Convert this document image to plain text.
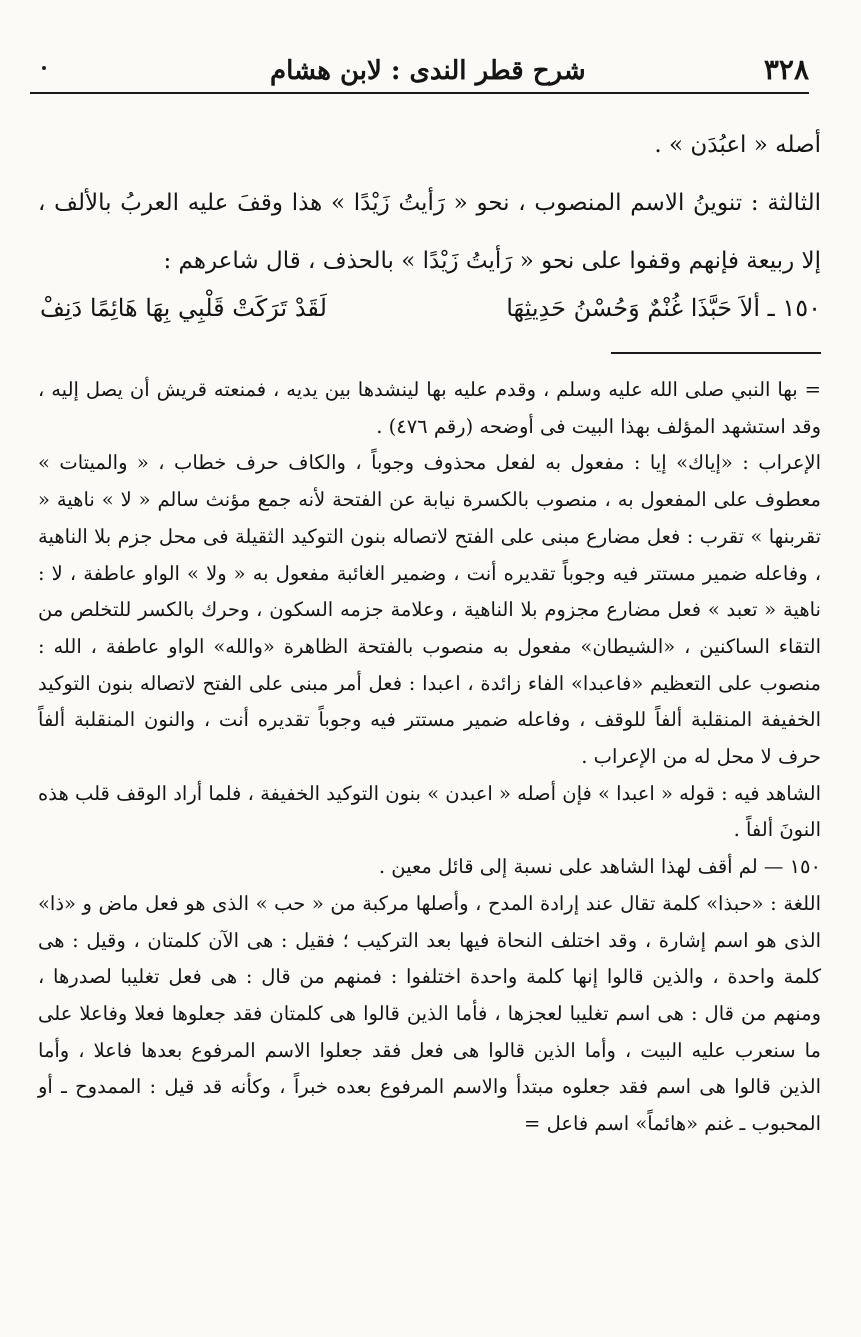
٣٢٨
شرح قطر الندى : لابن هشام

أصله « اعبُدَن » .

الثالثة : تنوينُ الاسم المنصوب ، نحو « رَأيتُ زَيْدًا » هذا وقفَ عليه العربُ بالألف ، إلا ربيعة فإنهم وقفوا على نحو « رَأيتُ زَيْدًا » بالحذف ، قال شاعرهم :

١٥٠ ـ ألاَ حَبَّذَا غُنْمٌ وَحُسْنُ حَدِيثِهَا
لَقَدْ تَرَكَتْ قَلْبِي بِهَا هَائِمًا دَنِفْ

= بها النبي صلى الله عليه وسلم ، وقدم عليه بها لينشدها بين يديه ، فمنعته قريش أن يصل إليه ، وقد استشهد المؤلف بهذا البيت فى أوضحه (رقم ٤٧٦) .

الإعراب : «إياك» إيا : مفعول به لفعل محذوف وجوباً ، والكاف حرف خطاب ، « والميتات » معطوف على المفعول به ، منصوب بالكسرة نيابة عن الفتحة لأنه جمع مؤنث سالم « لا » ناهية « تقربنها » تقرب : فعل مضارع مبنى على الفتح لاتصاله بنون التوكيد الثقيلة فى محل جزم بلا الناهية ، وفاعله ضمير مستتر فيه وجوباً تقديره أنت ، وضمير الغائبة مفعول به « ولا » الواو عاطفة ، لا : ناهية « تعبد » فعل مضارع مجزوم بلا الناهية ، وعلامة جزمه السكون ، وحرك بالكسر للتخلص من التقاء الساكنين ، «الشيطان» مفعول به منصوب بالفتحة الظاهرة «والله» الواو عاطفة ، الله : منصوب على التعظيم «فاعبدا» الفاء زائدة ، اعبدا : فعل أمر مبنى على الفتح لاتصاله بنون التوكيد الخفيفة المنقلبة ألفاً للوقف ، وفاعله ضمير مستتر فيه وجوباً تقديره أنت ، والنون المنقلبة ألفاً حرف لا محل له من الإعراب .

الشاهد فيه : قوله « اعبدا » فإن أصله « اعبدن » بنون التوكيد الخفيفة ، فلما أراد الوقف قلب هذه النونَ ألفاً .

١٥٠ — لم أقف لهذا الشاهد على نسبة إلى قائل معين .

اللغة : «حبذا» كلمة تقال عند إرادة المدح ، وأصلها مركبة من « حب » الذى هو فعل ماض و «ذا» الذى هو اسم إشارة ، وقد اختلف النحاة فيها بعد التركيب ؛ فقيل : هى الآن كلمتان ، وقيل : هى كلمة واحدة ، والذين قالوا إنها كلمة واحدة اختلفوا : فمنهم من قال : هى فعل تغليبا لصدرها ، ومنهم من قال : هى اسم تغليبا لعجزها ، فأما الذين قالوا هى كلمتان فقد جعلوها فعلا وفاعلا على ما سنعرب عليه البيت ، وأما الذين قالوا هى فعل فقد جعلوا الاسم المرفوع بعدها فاعلا ، وأما الذين قالوا هى اسم فقد جعلوه مبتدأ والاسم المرفوع بعده خبراً ، وكأنه قد قيل : الممدوح ـ أو المحبوب ـ غنم «هائماً» اسم فاعل =
